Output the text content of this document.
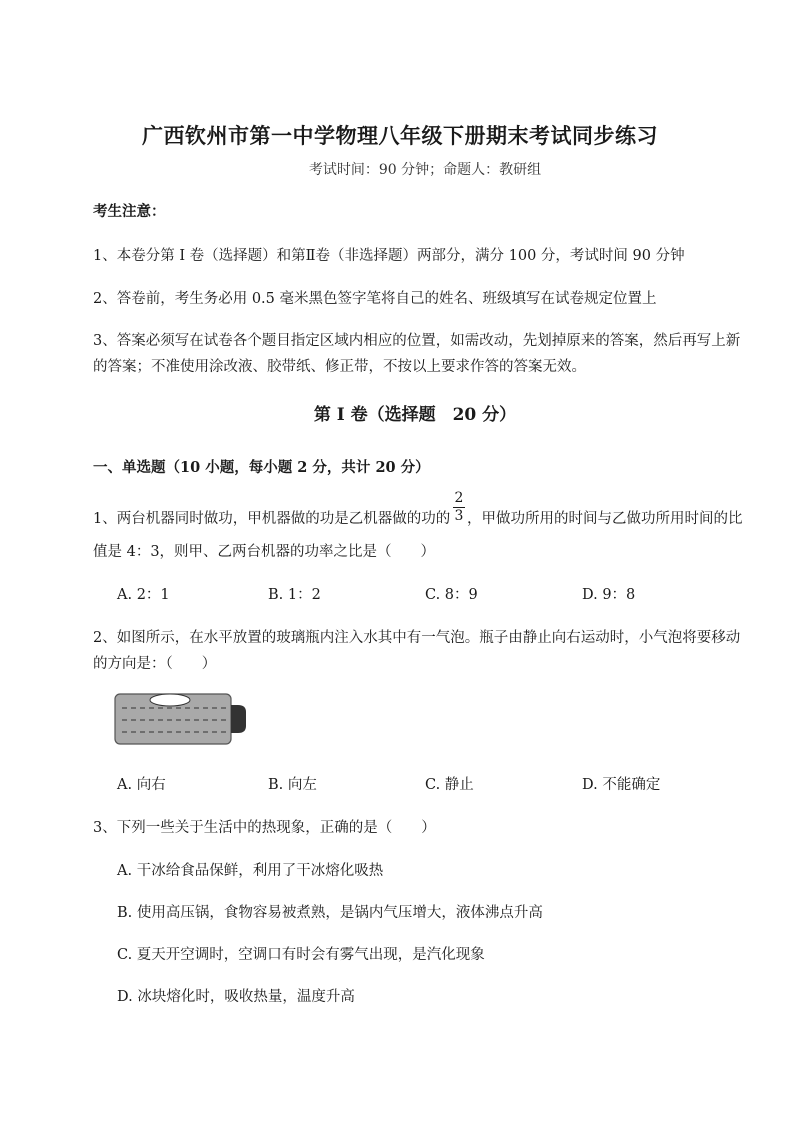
广西钦州市第一中学物理八年级下册期末考试同步练习
考试时间：90 分钟；命题人：教研组
考生注意：
1、本卷分第 I 卷（选择题）和第Ⅱ卷（非选择题）两部分，满分 100 分，考试时间 90 分钟
2、答卷前，考生务必用 0.5 毫米黑色签字笔将自己的姓名、班级填写在试卷规定位置上
3、答案必须写在试卷各个题目指定区域内相应的位置，如需改动，先划掉原来的答案，然后再写上新
的答案；不准使用涂改液、胶带纸、修正带，不按以上要求作答的答案无效。
第 I 卷（选择题　20 分）
一、单选题（10 小题，每小题 2 分，共计 20 分）
1、两台机器同时做功，甲机器做的功是乙机器做的功的
2
3 ，甲做功所用的时间与乙做功所用时间的比
值是 4：3，则甲、乙两台机器的功率之比是（　　）
A. 2：1	B. 1：2	C. 8：9	D. 9：8
2、如图所示，在水平放置的玻璃瓶内注入水其中有一气泡。瓶子由静止向右运动时，小气泡将要移动
的方向是：（　　）
A. 向右	B. 向左	C. 静止	D. 不能确定
3、下列一些关于生活中的热现象，正确的是（　　）
A. 干冰给食品保鲜，利用了干冰熔化吸热
B. 使用高压锅，食物容易被煮熟，是锅内气压增大，液体沸点升高
C. 夏天开空调时，空调口有时会有雾气出现，是汽化现象
D. 冰块熔化时，吸收热量，温度升高
